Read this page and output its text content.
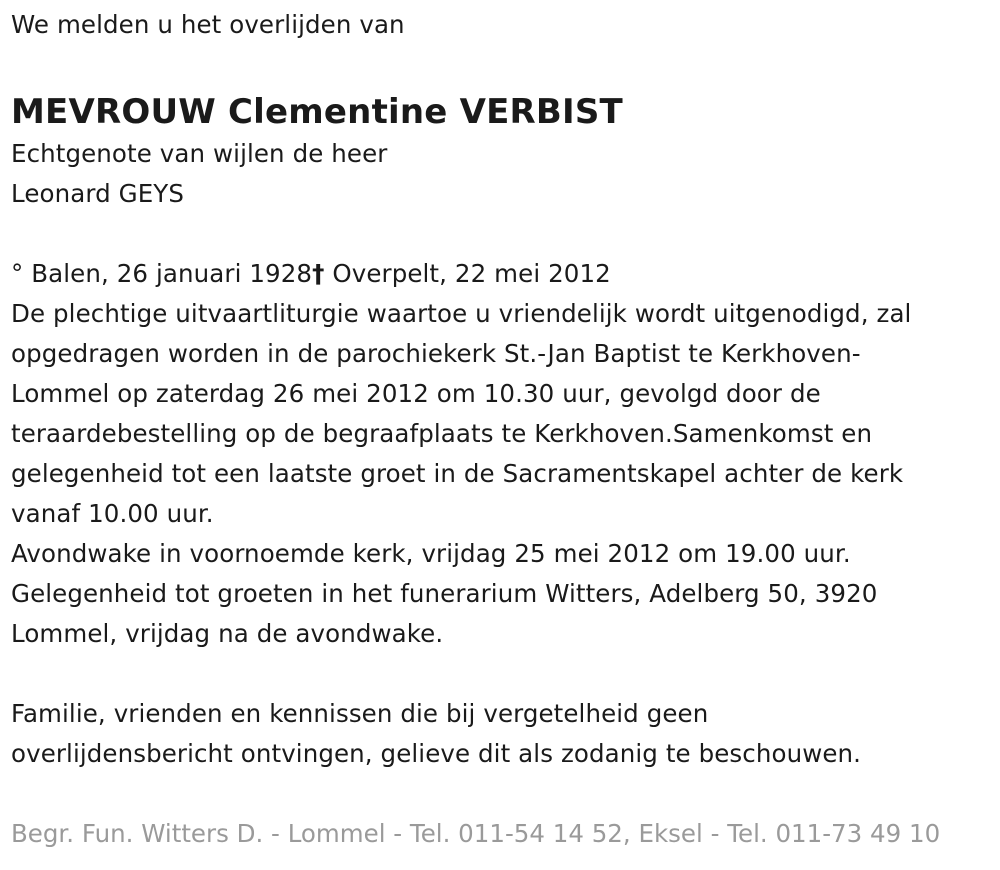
We melden u het overlijden van
MEVROUW Clementine VERBIST
Echtgenote van wijlen de heer
Leonard GEYS
° Balen, 26 januari 1928† Overpelt, 22 mei 2012
De plechtige uitvaartliturgie waartoe u vriendelijk wordt uitgenodigd, zal
opgedragen worden in de parochiekerk St.-Jan Baptist te Kerkhoven-
Lommel op zaterdag 26 mei 2012 om 10.30 uur, gevolgd door de
teraardebestelling op de begraafplaats te Kerkhoven.Samenkomst en
gelegenheid tot een laatste groet in de Sacramentskapel achter de kerk
vanaf 10.00 uur.
Avondwake in voornoemde kerk, vrijdag 25 mei 2012 om 19.00 uur.
Gelegenheid tot groeten in het funerarium Witters, Adelberg 50, 3920
Lommel, vrijdag na de avondwake.
Familie, vrienden en kennissen die bij vergetelheid geen
overlijdensbericht ontvingen, gelieve dit als zodanig te beschouwen.
Begr. Fun. Witters D. - Lommel - Tel. 011-54 14 52, Eksel - Tel. 011-73 49 10
